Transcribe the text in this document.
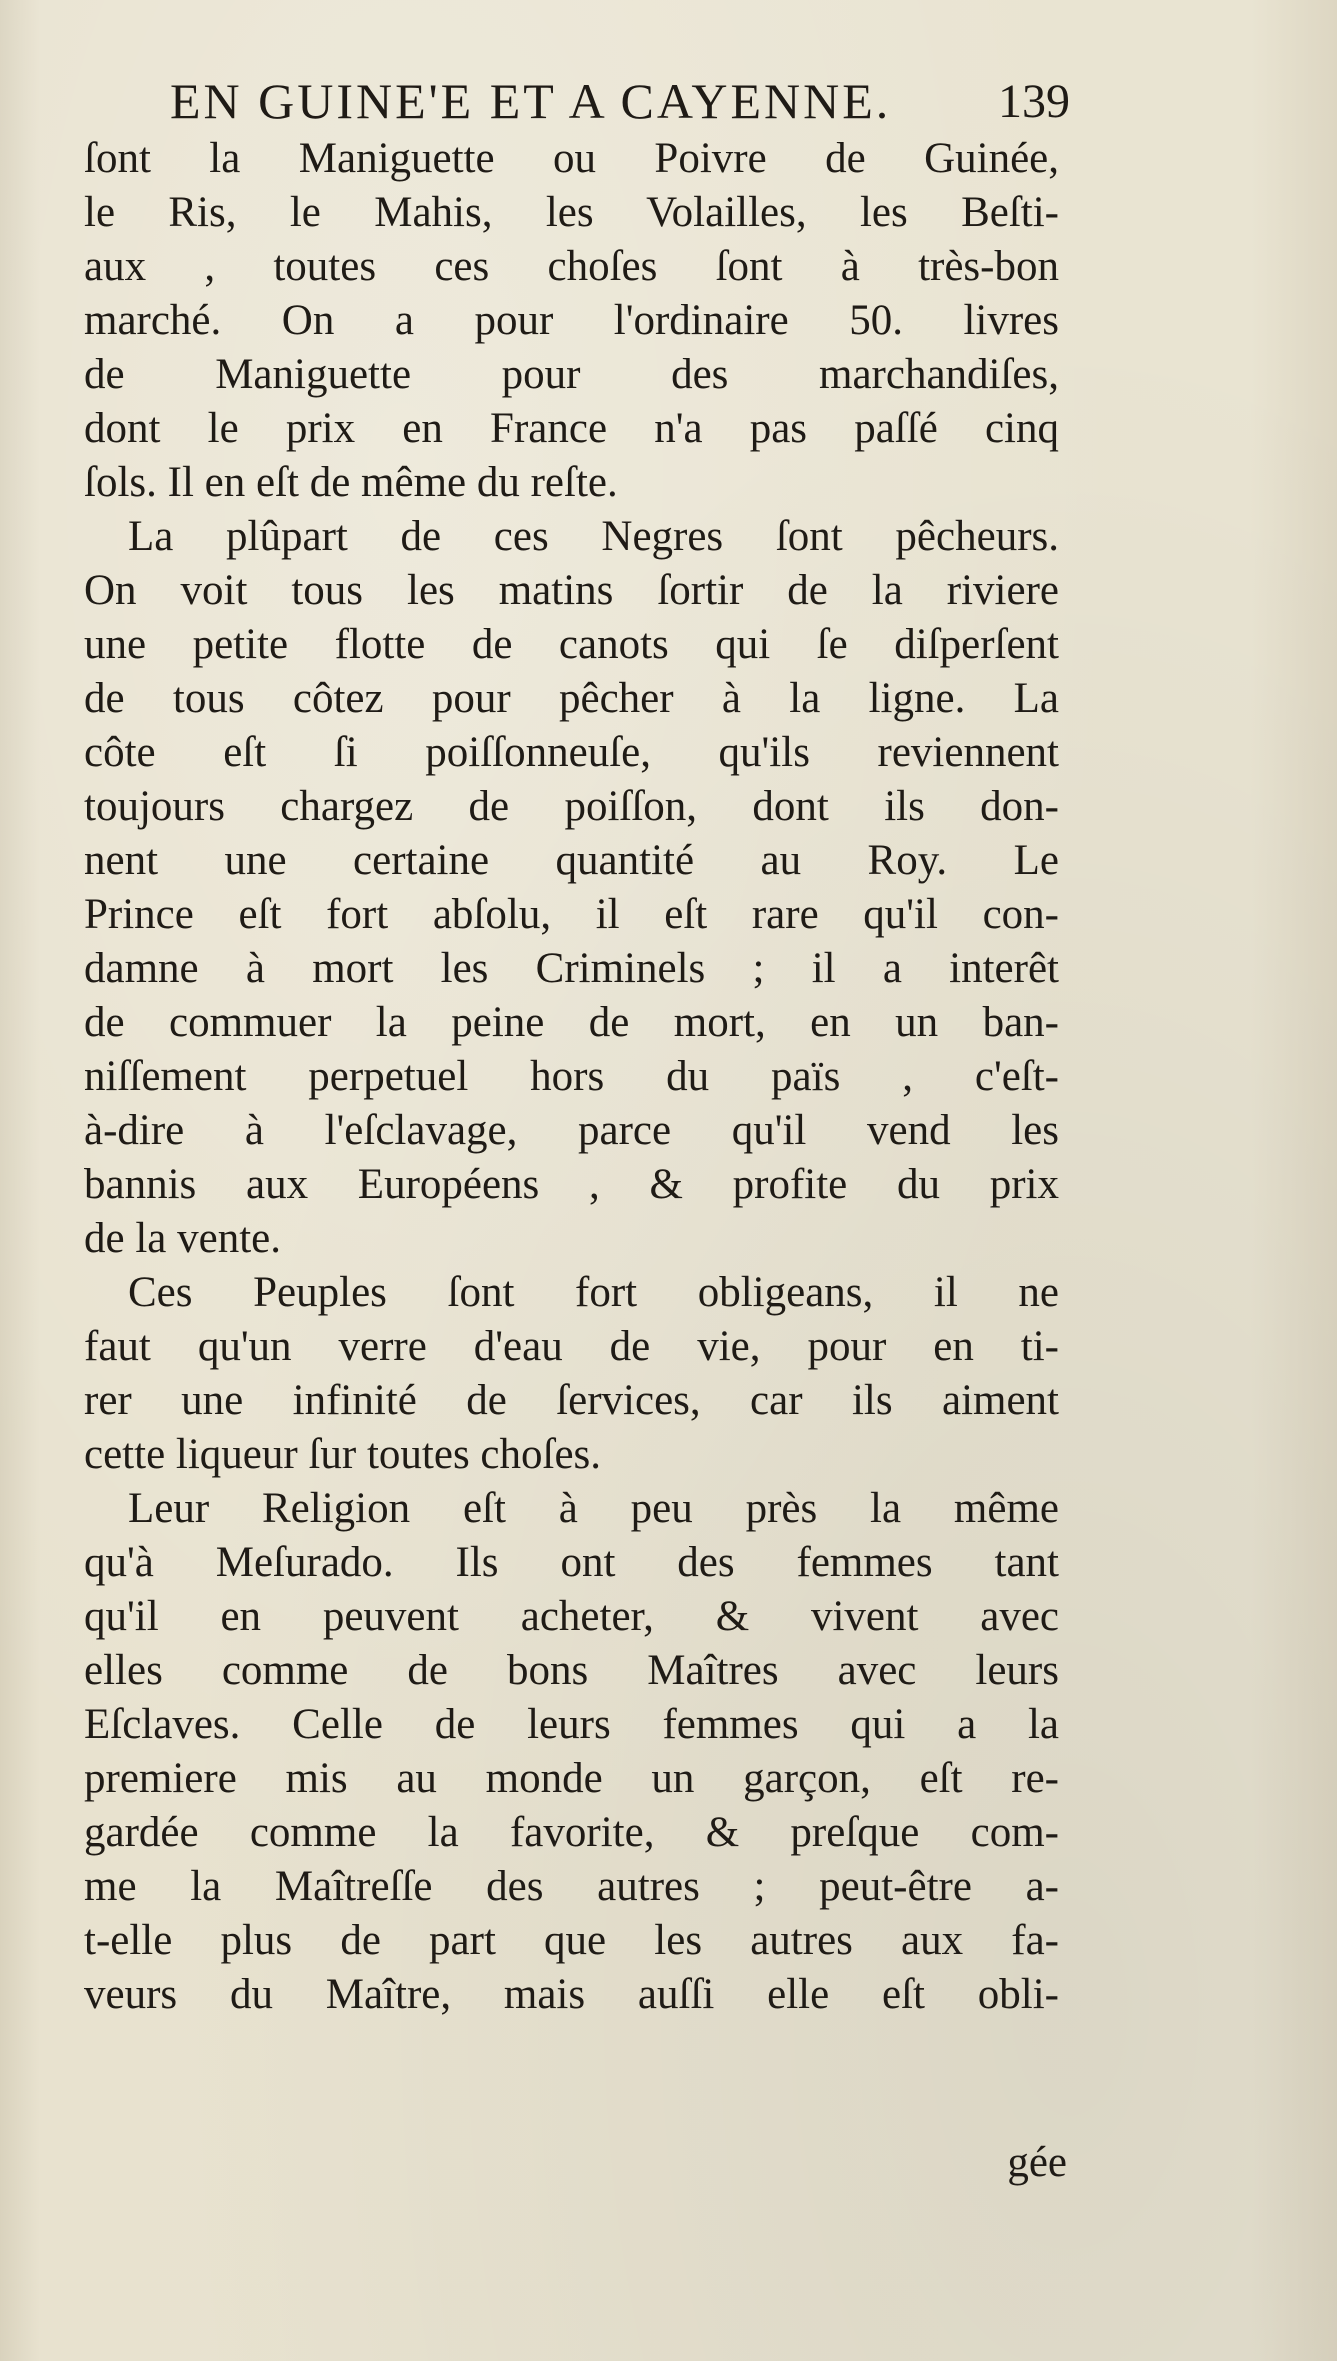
EN GUINE'E ET A CAYENNE. 139
ſont la Maniguette ou Poivre de Guinée,
le Ris, le Mahis, les Volailles, les Beſti-
aux , toutes ces choſes ſont à très-bon
marché. On a pour l'ordinaire 50. livres
de Maniguette pour des marchandiſes,
dont le prix en France n'a pas paſſé cinq
ſols. Il en eſt de même du reſte.
La plûpart de ces Negres ſont pêcheurs.
On voit tous les matins ſortir de la riviere
une petite flotte de canots qui ſe diſperſent
de tous côtez pour pêcher à la ligne. La
côte eſt ſi poiſſonneuſe, qu'ils reviennent
toujours chargez de poiſſon, dont ils don-
nent une certaine quantité au Roy. Le
Prince eſt fort abſolu, il eſt rare qu'il con-
damne à mort les Criminels ; il a interêt
de commuer la peine de mort, en un ban-
niſſement perpetuel hors du païs , c'eſt-
à-dire à l'eſclavage, parce qu'il vend les
bannis aux Européens , & profite du prix
de la vente.
Ces Peuples ſont fort obligeans, il ne
faut qu'un verre d'eau de vie, pour en ti-
rer une infinité de ſervices, car ils aiment
cette liqueur ſur toutes choſes.
Leur Religion eſt à peu près la même
qu'à Meſurado. Ils ont des femmes tant
qu'il en peuvent acheter, & vivent avec
elles comme de bons Maîtres avec leurs
Eſclaves. Celle de leurs femmes qui a la
premiere mis au monde un garçon, eſt re-
gardée comme la favorite, & preſque com-
me la Maîtreſſe des autres ; peut-être a-
t-elle plus de part que les autres aux fa-
veurs du Maître, mais auſſi elle eſt obli-
gée
